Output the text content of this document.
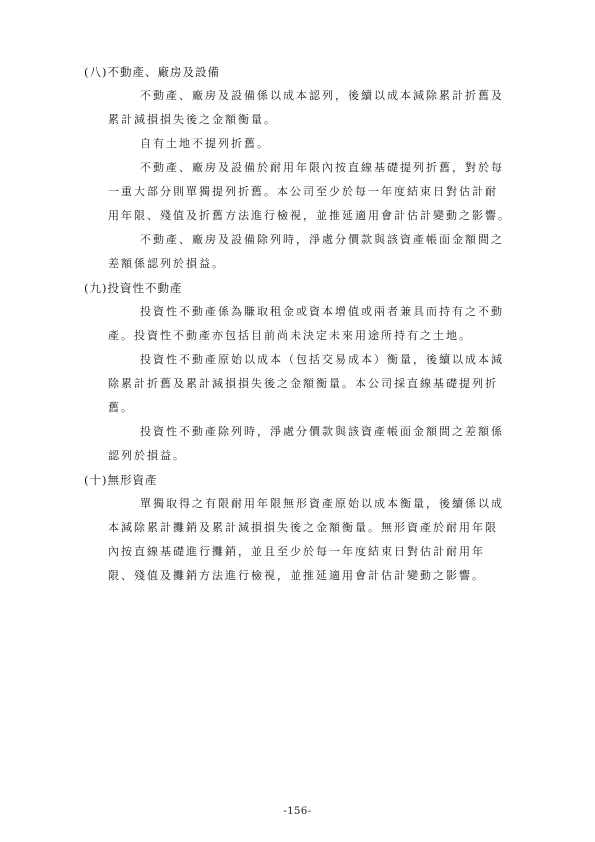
(八)不動產、廠房及設備
不動產、廠房及設備係以成本認列，後續以成本減除累計折舊及
累計減損損失後之金額衡量。
自有土地不提列折舊。
不動產、廠房及設備於耐用年限內按直線基礎提列折舊，對於每
一重大部分則單獨提列折舊。本公司至少於每一年度結束日對估計耐
用年限、殘值及折舊方法進行檢視，並推延適用會計估計變動之影響。
不動產、廠房及設備除列時，淨處分價款與該資產帳面金額間之
差額係認列於損益。
(九)投資性不動產
投資性不動產係為賺取租金或資本增值或兩者兼具而持有之不動
產。投資性不動產亦包括目前尚未決定未來用途所持有之土地。
投資性不動產原始以成本（包括交易成本）衡量，後續以成本減
除累計折舊及累計減損損失後之金額衡量。本公司採直線基礎提列折
舊。
投資性不動產除列時，淨處分價款與該資產帳面金額間之差額係
認列於損益。
(十)無形資產
單獨取得之有限耐用年限無形資產原始以成本衡量，後續係以成
本減除累計攤銷及累計減損損失後之金額衡量。無形資產於耐用年限
內按直線基礎進行攤銷，並且至少於每一年度結束日對估計耐用年
限、殘值及攤銷方法進行檢視，並推延適用會計估計變動之影響。
-156-
